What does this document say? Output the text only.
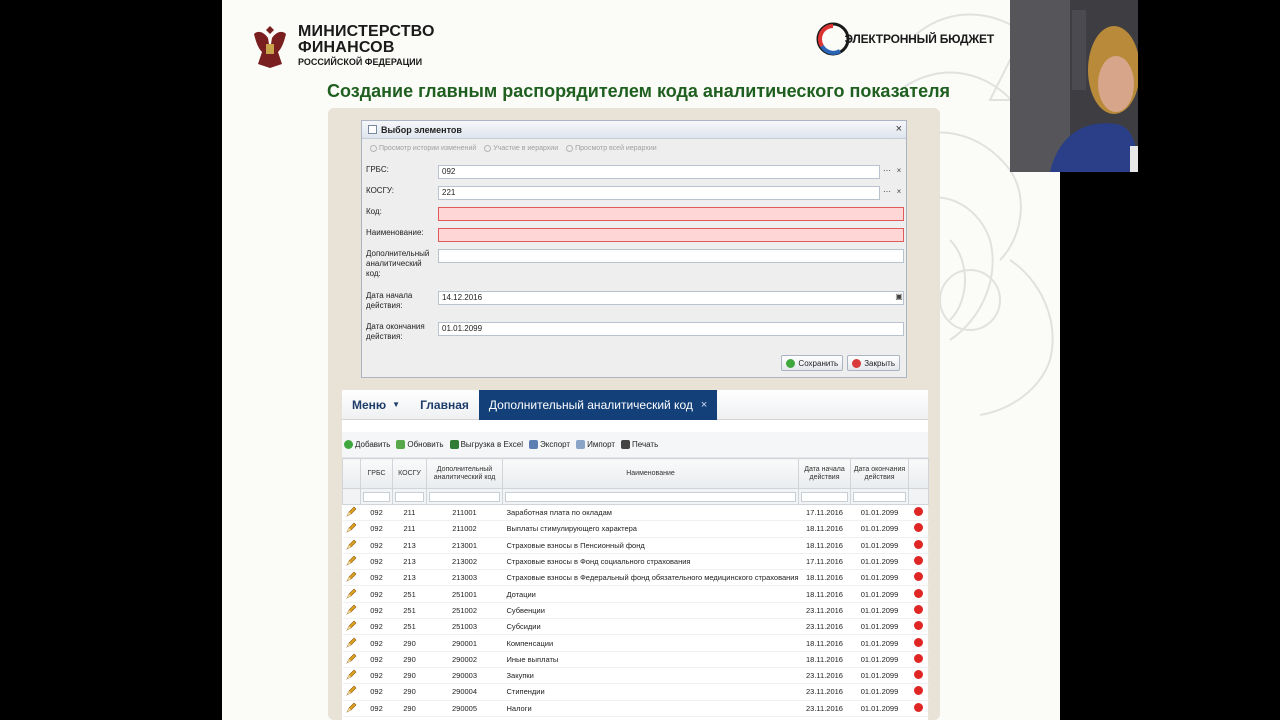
МИНИСТЕРСТВО
ФИНАНСОВ
РОССИЙСКОЙ ФЕДЕРАЦИИ
ЭЛЕКТРОННЫЙ БЮДЖЕТ
Создание главным распорядителем кода аналитического показателя
Выбор элементов	×
Просмотр истории изменений Участие в иерархии Просмотр всей иерархии
ГРБС:	092	⋯ ×
КОСГУ:	221	⋯ ×
Код:
Наименование:
Дополнительный аналитический код:
Дата начала действия:
14.12.2016	▣
Дата окончания действия:
01.01.2099
Сохранить	Закрыть
Меню ▼	Главная	Дополнительный аналитический код ×
Добавить Обновить Выгрузка в Excel Экспорт Импорт Печать
	ГРБС	КОСГУ	Дополнительный аналитический код	Наименование	Дата начала действия	Дата окончания действия	

	092	211	211001	Заработная плата по окладам	17.11.2016	01.01.2099	
	092	211	211002	Выплаты стимулирующего характера	18.11.2016	01.01.2099	
	092	213	213001	Страховые взносы в Пенсионный фонд	18.11.2016	01.01.2099	
	092	213	213002	Страховые взносы в Фонд социального страхования	17.11.2016	01.01.2099	
	092	213	213003	Страховые взносы в Федеральный фонд обязательного медицинского страхования	18.11.2016	01.01.2099	
	092	251	251001	Дотации	18.11.2016	01.01.2099	
	092	251	251002	Субвенции	23.11.2016	01.01.2099	
	092	251	251003	Субсидии	23.11.2016	01.01.2099	
	092	290	290001	Компенсации	18.11.2016	01.01.2099	
	092	290	290002	Иные выплаты	18.11.2016	01.01.2099	
	092	290	290003	Закупки	23.11.2016	01.01.2099	
	092	290	290004	Стипендии	23.11.2016	01.01.2099	
	092	290	290005	Налоги	23.11.2016	01.01.2099	
